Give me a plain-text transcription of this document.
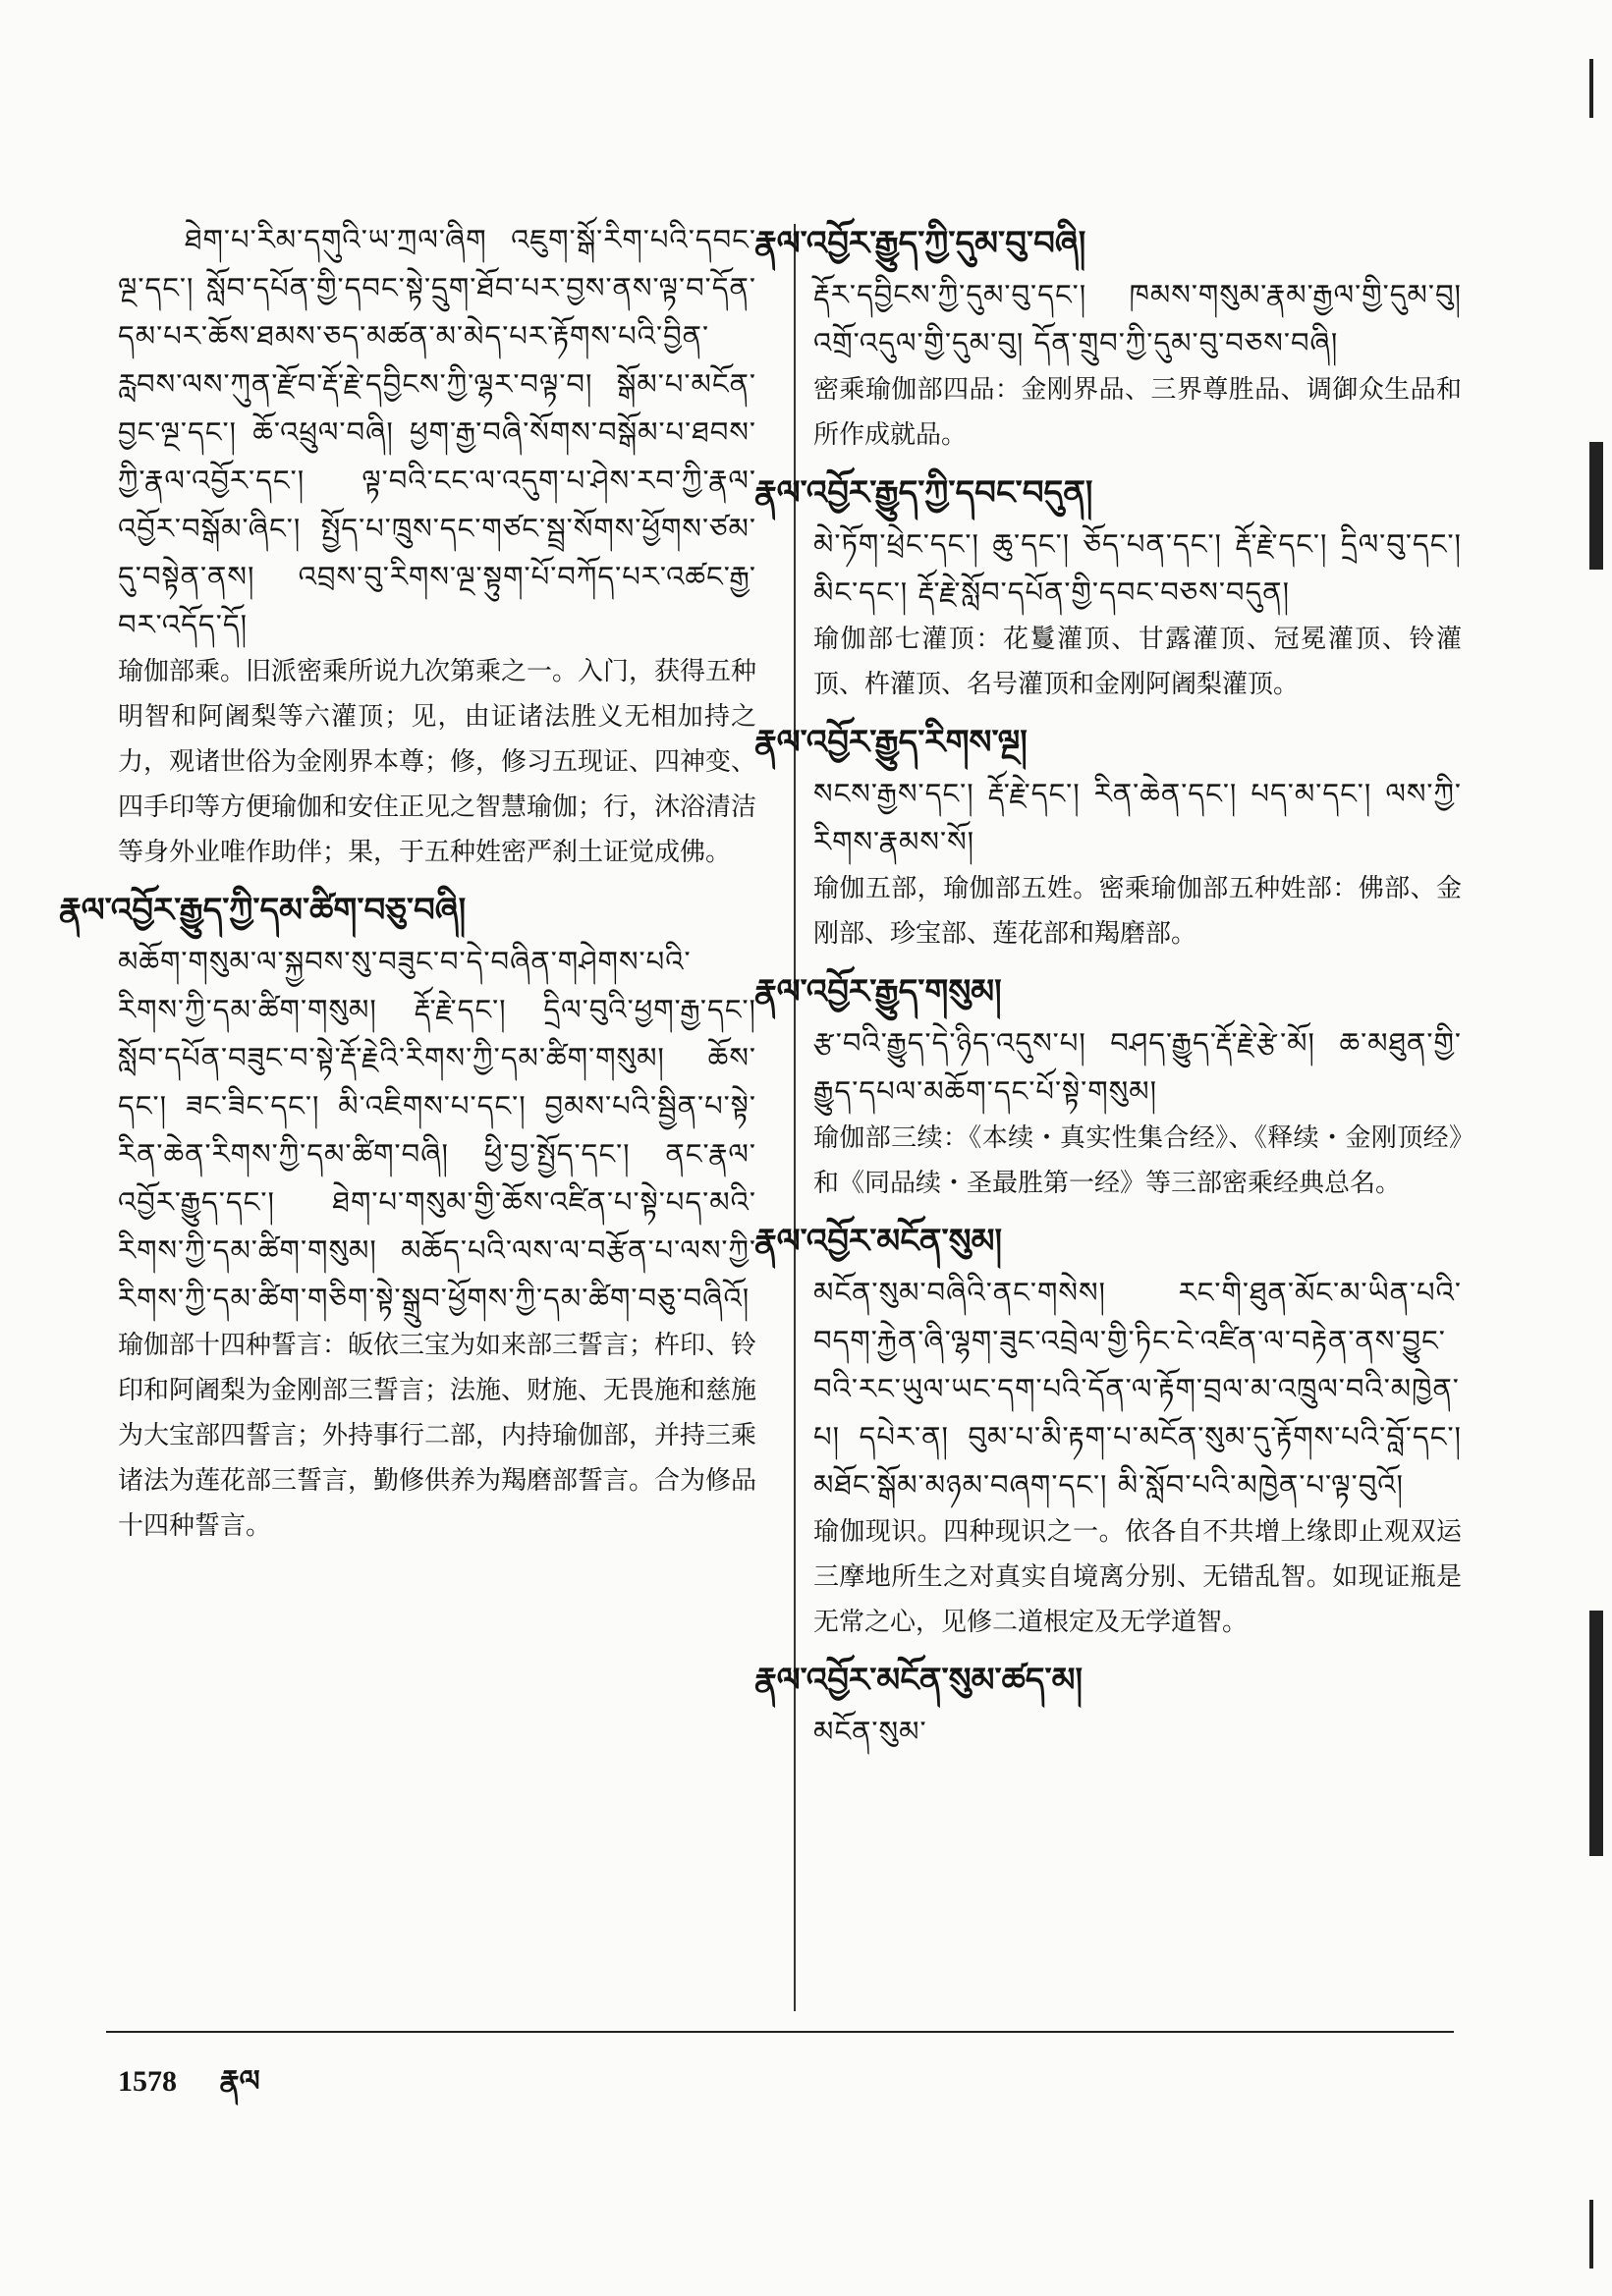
ཐེག་པ་རིམ་དགུའི་ཡ་ཀྲལ་ཞིག འཇུག་སྒོ་རིག་པའི་དབང་ལྔ་དང་། སློབ་དཔོན་གྱི་དབང་སྟེ་དྲུག་ཐོབ་པར་བྱས་ནས་ལྟ་བ་དོན་དམ་པར་ཆོས་ཐམས་ཅད་མཚན་མ་མེད་པར་རྟོགས་པའི་བྱིན་རླབས་ལས་ཀུན་རྫོབ་རྡོ་རྗེ་དབྱིངས་ཀྱི་ལྷར་བལྟ་བ། སྒོམ་པ་མངོན་བྱང་ལྔ་དང་། ཆོ་འཕྲུལ་བཞི། ཕྱག་རྒྱ་བཞི་སོགས་བསྒོམ་པ་ཐབས་ཀྱི་རྣལ་འབྱོར་དང་། ལྟ་བའི་ངང་ལ་འདུག་པ་ཤེས་རབ་ཀྱི་རྣལ་འབྱོར་བསྒོམ་ཞིང་། སྤྱོད་པ་ཁྲུས་དང་གཙང་སྦྲ་སོགས་ཕྱོགས་ཙམ་དུ་བསྟེན་ནས། འབྲས་བུ་རིགས་ལྔ་སྟུག་པོ་བཀོད་པར་འཚང་རྒྱ་བར་འདོད་དོ།

瑜伽部乘。旧派密乘所说九次第乘之一。入门，获得五种明智和阿阇梨等六灌顶；见，由证诸法胜义无相加持之力，观诸世俗为金刚界本尊；修，修习五现证、四神变、四手印等方便瑜伽和安住正见之智慧瑜伽；行，沐浴清洁等身外业唯作助伴；果，于五种姓密严刹土证觉成佛。

རྣལ་འབྱོར་རྒྱུད་ཀྱི་དམ་ཚིག་བཅུ་བཞི།

མཆོག་གསུམ་ལ་སྐྱབས་སུ་བཟུང་བ་དེ་བཞིན་གཤེགས་པའི་རིགས་ཀྱི་དམ་ཚིག་གསུམ། རྡོ་རྗེ་དང་། དྲིལ་བུའི་ཕྱག་རྒྱ་དང་། སློབ་དཔོན་བཟུང་བ་སྟེ་རྡོ་རྗེའི་རིགས་ཀྱི་དམ་ཚིག་གསུམ། ཆོས་དང་། ཟང་ཟིང་དང་། མི་འཇིགས་པ་དང་། བྱམས་པའི་སྦྱིན་པ་སྟེ་རིན་ཆེན་རིགས་ཀྱི་དམ་ཚིག་བཞི། ཕྱི་བྱ་སྤྱོད་དང་། ནང་རྣལ་འབྱོར་རྒྱུད་དང་། ཐེག་པ་གསུམ་གྱི་ཆོས་འཛིན་པ་སྟེ་པད་མའི་རིགས་ཀྱི་དམ་ཚིག་གསུམ། མཆོད་པའི་ལས་ལ་བརྩོན་པ་ལས་ཀྱི་རིགས་ཀྱི་དམ་ཚིག་གཅིག་སྟེ་སྒྲུབ་ཕྱོགས་ཀྱི་དམ་ཚིག་བཅུ་བཞིའོ།

瑜伽部十四种誓言：皈依三宝为如来部三誓言；杵印、铃印和阿阇梨为金刚部三誓言；法施、财施、无畏施和慈施为大宝部四誓言；外持事行二部，内持瑜伽部，并持三乘诸法为莲花部三誓言，勤修供养为羯磨部誓言。合为修品十四种誓言。

རྣལ་འབྱོར་རྒྱུད་ཀྱི་དུམ་བུ་བཞི།

རྡོར་དབྱིངས་ཀྱི་དུམ་བུ་དང་། ཁམས་གསུམ་རྣམ་རྒྱལ་གྱི་དུམ་བུ། འགྲོ་འདུལ་གྱི་དུམ་བུ། དོན་གྲུབ་ཀྱི་དུམ་བུ་བཅས་བཞི།

密乘瑜伽部四品：金刚界品、三界尊胜品、调御众生品和所作成就品。

རྣལ་འབྱོར་རྒྱུད་ཀྱི་དབང་བདུན།

མེ་ཏོག་ཕྲེང་དང་། ཆུ་དང་། ཅོད་པན་དང་། རྡོ་རྗེ་དང་། དྲིལ་བུ་དང་། མིང་དང་། རྡོ་རྗེ་སློབ་དཔོན་གྱི་དབང་བཅས་བདུན།

瑜伽部七灌顶：花鬘灌顶、甘露灌顶、冠冕灌顶、铃灌顶、杵灌顶、名号灌顶和金刚阿阇梨灌顶。

རྣལ་འབྱོར་རྒྱུད་རིགས་ལྔ།

སངས་རྒྱས་དང་། རྡོ་རྗེ་དང་། རིན་ཆེན་དང་། པད་མ་དང་། ལས་ཀྱི་རིགས་རྣམས་སོ།

瑜伽五部，瑜伽部五姓。密乘瑜伽部五种姓部：佛部、金刚部、珍宝部、莲花部和羯磨部。

རྣལ་འབྱོར་རྒྱུད་གསུམ།

རྩ་བའི་རྒྱུད་དེ་ཉིད་འདུས་པ། བཤད་རྒྱུད་རྡོ་རྗེ་རྩེ་མོ། ཆ་མཐུན་གྱི་རྒྱུད་དཔལ་མཆོག་དང་པོ་སྟེ་གསུམ།

瑜伽部三续：《本续・真实性集合经》、《释续・金刚顶经》和《同品续・圣最胜第一经》等三部密乘经典总名。

རྣལ་འབྱོར་མངོན་སུམ།

མངོན་སུམ་བཞིའི་ནང་གསེས། རང་གི་ཐུན་མོང་མ་ཡིན་པའི་བདག་རྐྱེན་ཞི་ལྷག་ཟུང་འབྲེལ་གྱི་ཏིང་ངེ་འཛིན་ལ་བརྟེན་ནས་བྱུང་བའི་རང་ཡུལ་ཡང་དག་པའི་དོན་ལ་རྟོག་བྲལ་མ་འཁྲུལ་བའི་མཁྱེན་པ། དཔེར་ན། བུམ་པ་མི་རྟག་པ་མངོན་སུམ་དུ་རྟོགས་པའི་བློ་དང་། མཐོང་སྒོམ་མཉམ་བཞག་དང་། མི་སློབ་པའི་མཁྱེན་པ་ལྟ་བུའོ།

瑜伽现识。四种现识之一。依各自不共增上缘即止观双运三摩地所生之对真实自境离分别、无错乱智。如现证瓶是无常之心，见修二道根定及无学道智。

རྣལ་འབྱོར་མངོན་སུམ་ཚད་མ།

མངོན་སུམ་

1578 རྣལ
